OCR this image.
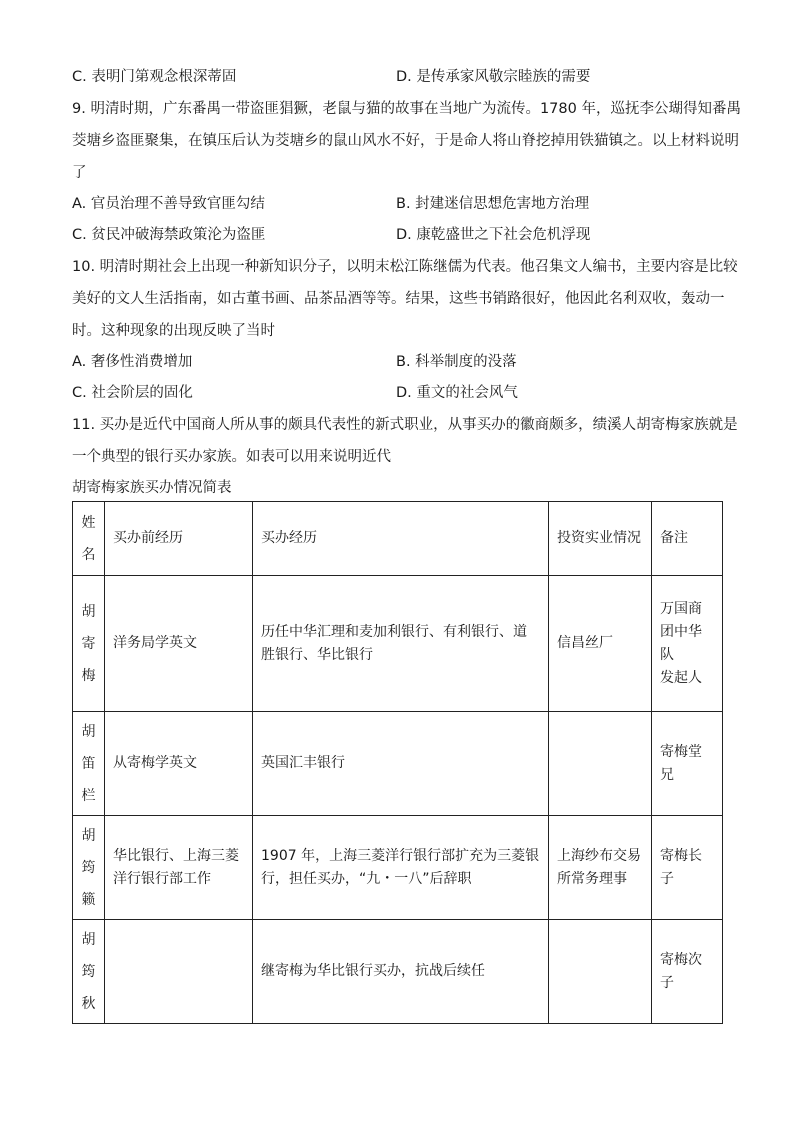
C. 表明门第观念根深蒂固	D. 是传承家风敬宗睦族的需要
9. 明清时期，广东番禺一带盗匪猖獗，老鼠与猫的故事在当地广为流传。1780 年，巡抚李公瑚得知番禺
茭塘乡盗匪聚集，在镇压后认为茭塘乡的鼠山风水不好，于是命人将山脊挖掉用铁猫镇之。以上材料说明
了
A. 官员治理不善导致官匪勾结	B. 封建迷信思想危害地方治理
C. 贫民冲破海禁政策沦为盗匪	D. 康乾盛世之下社会危机浮现
10. 明清时期社会上出现一种新知识分子，以明末松江陈继儒为代表。他召集文人编书，主要内容是比较
美好的文人生活指南，如古董书画、品茶品酒等等。结果，这些书销路很好，他因此名利双收，轰动一
时。这种现象的出现反映了当时
A. 奢侈性消费增加	B. 科举制度的没落
C. 社会阶层的固化	D. 重文的社会风气
11. 买办是近代中国商人所从事的颇具代表性的新式职业，从事买办的徽商颇多，绩溪人胡寄梅家族就是
一个典型的银行买办家族。如表可以用来说明近代
胡寄梅家族买办情况简表
姓
名	买办前经历	买办经历	投资实业情况	备注

胡
寄
梅	洋务局学英文	历任中华汇理和麦加利银行、有利银行、道胜银行、华比银行	信昌丝厂	万国商
团中华
队
发起人

胡
笛
栏	从寄梅学英文	英国汇丰银行		寄梅堂
兄

胡
筠
籁	华比银行、上海三菱洋行银行部工作	1907 年，上海三菱洋行银行部扩充为三菱银行，担任买办，“九・一八”后辞职	上海纱布交易所常务理事	寄梅长
子

胡
筠
秋		继寄梅为华比银行买办，抗战后续任		寄梅次
子
